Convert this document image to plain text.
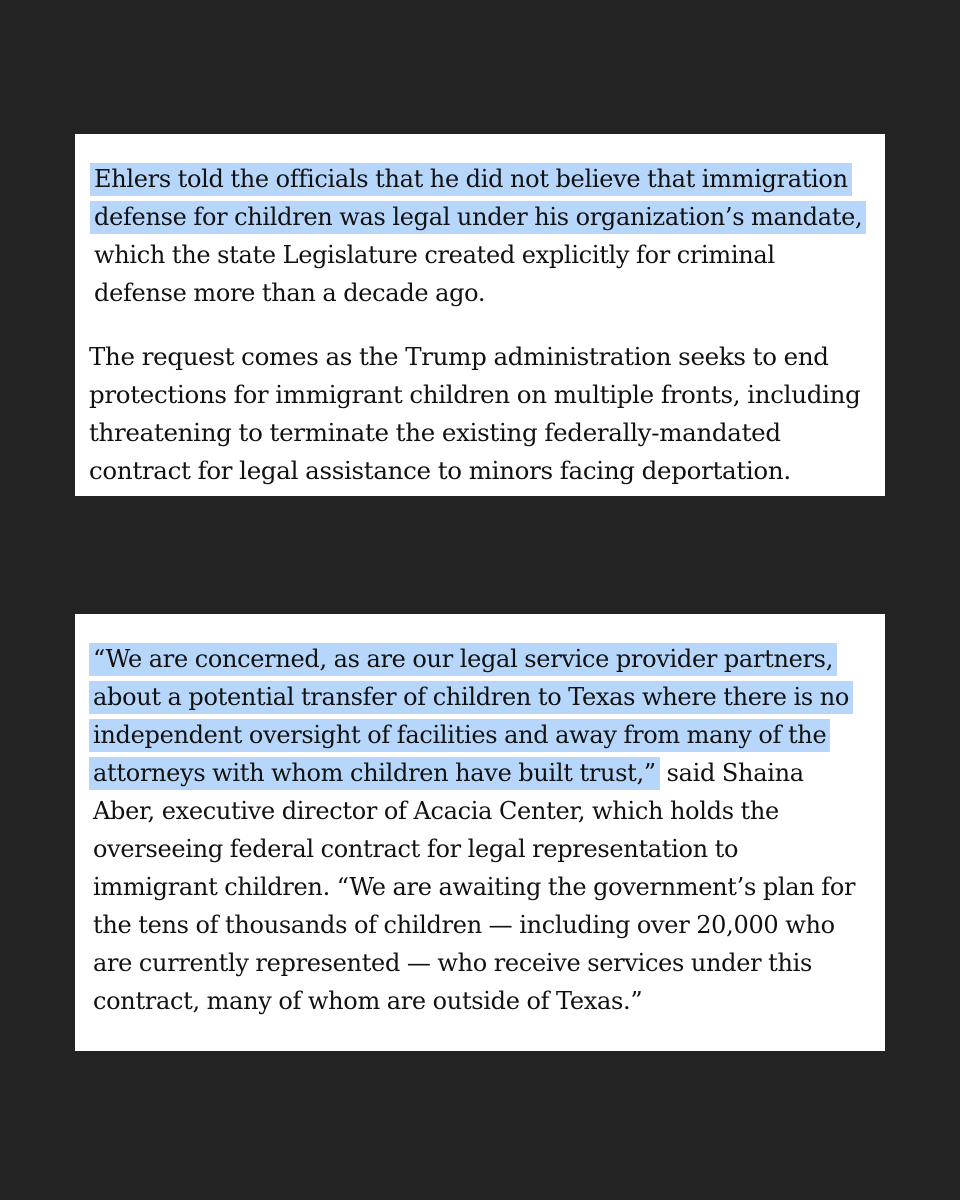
Ehlers told the officials that he did not believe that immigration
defense for children was legal under his organization’s mandate,
which the state Legislature created explicitly for criminal
defense more than a decade ago.

The request comes as the Trump administration seeks to end
protections for immigrant children on multiple fronts, including
threatening to terminate the existing federally-mandated
contract for legal assistance to minors facing deportation.

“We are concerned, as are our legal service provider partners,
about a potential transfer of children to Texas where there is no
independent oversight of facilities and away from many of the
attorneys with whom children have built trust,” said Shaina
Aber, executive director of Acacia Center, which holds the
overseeing federal contract for legal representation to
immigrant children. “We are awaiting the government’s plan for
the tens of thousands of children — including over 20,000 who
are currently represented — who receive services under this
contract, many of whom are outside of Texas.”
